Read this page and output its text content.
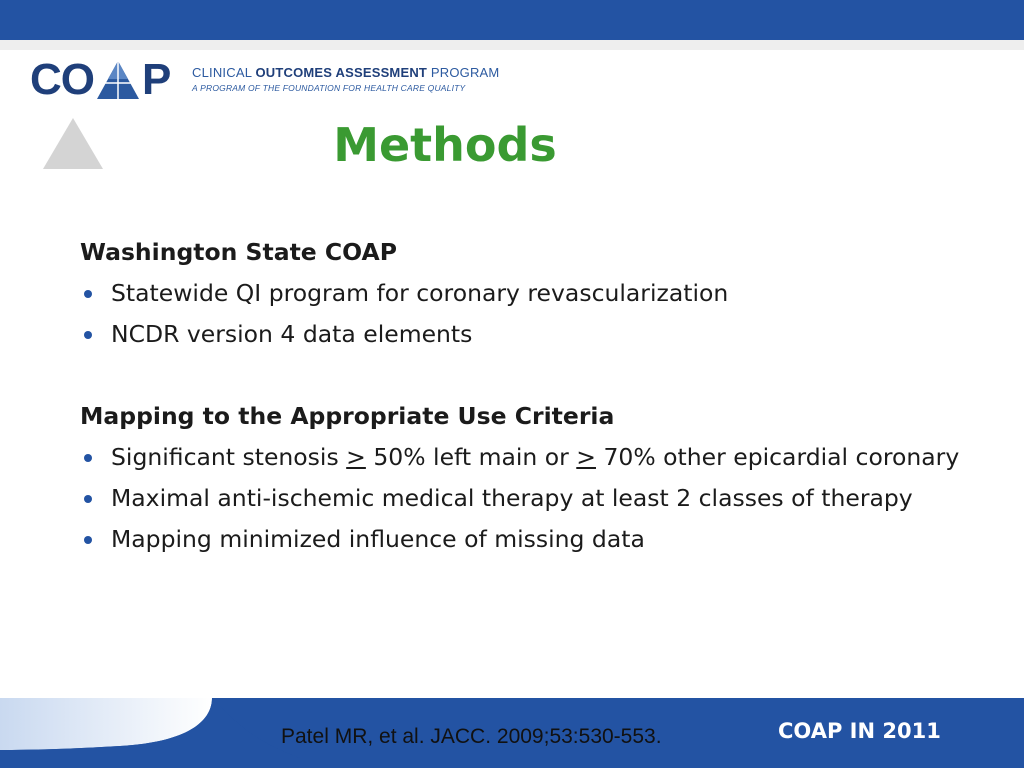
CO P CLINICAL OUTCOMES ASSESSMENT PROGRAM
A PROGRAM OF THE FOUNDATION FOR HEALTH CARE QUALITY
Methods
Washington State COAP
Statewide QI program for coronary revascularization
NCDR version 4 data elements
Mapping to the Appropriate Use Criteria
Significant stenosis ≥ 50% left main or ≥ 70% other epicardial coronary
Maximal anti-ischemic medical therapy at least 2 classes of therapy
Mapping minimized influence of missing data
Patel MR, et al. JACC. 2009;53:530-553.	COAP IN 2011
